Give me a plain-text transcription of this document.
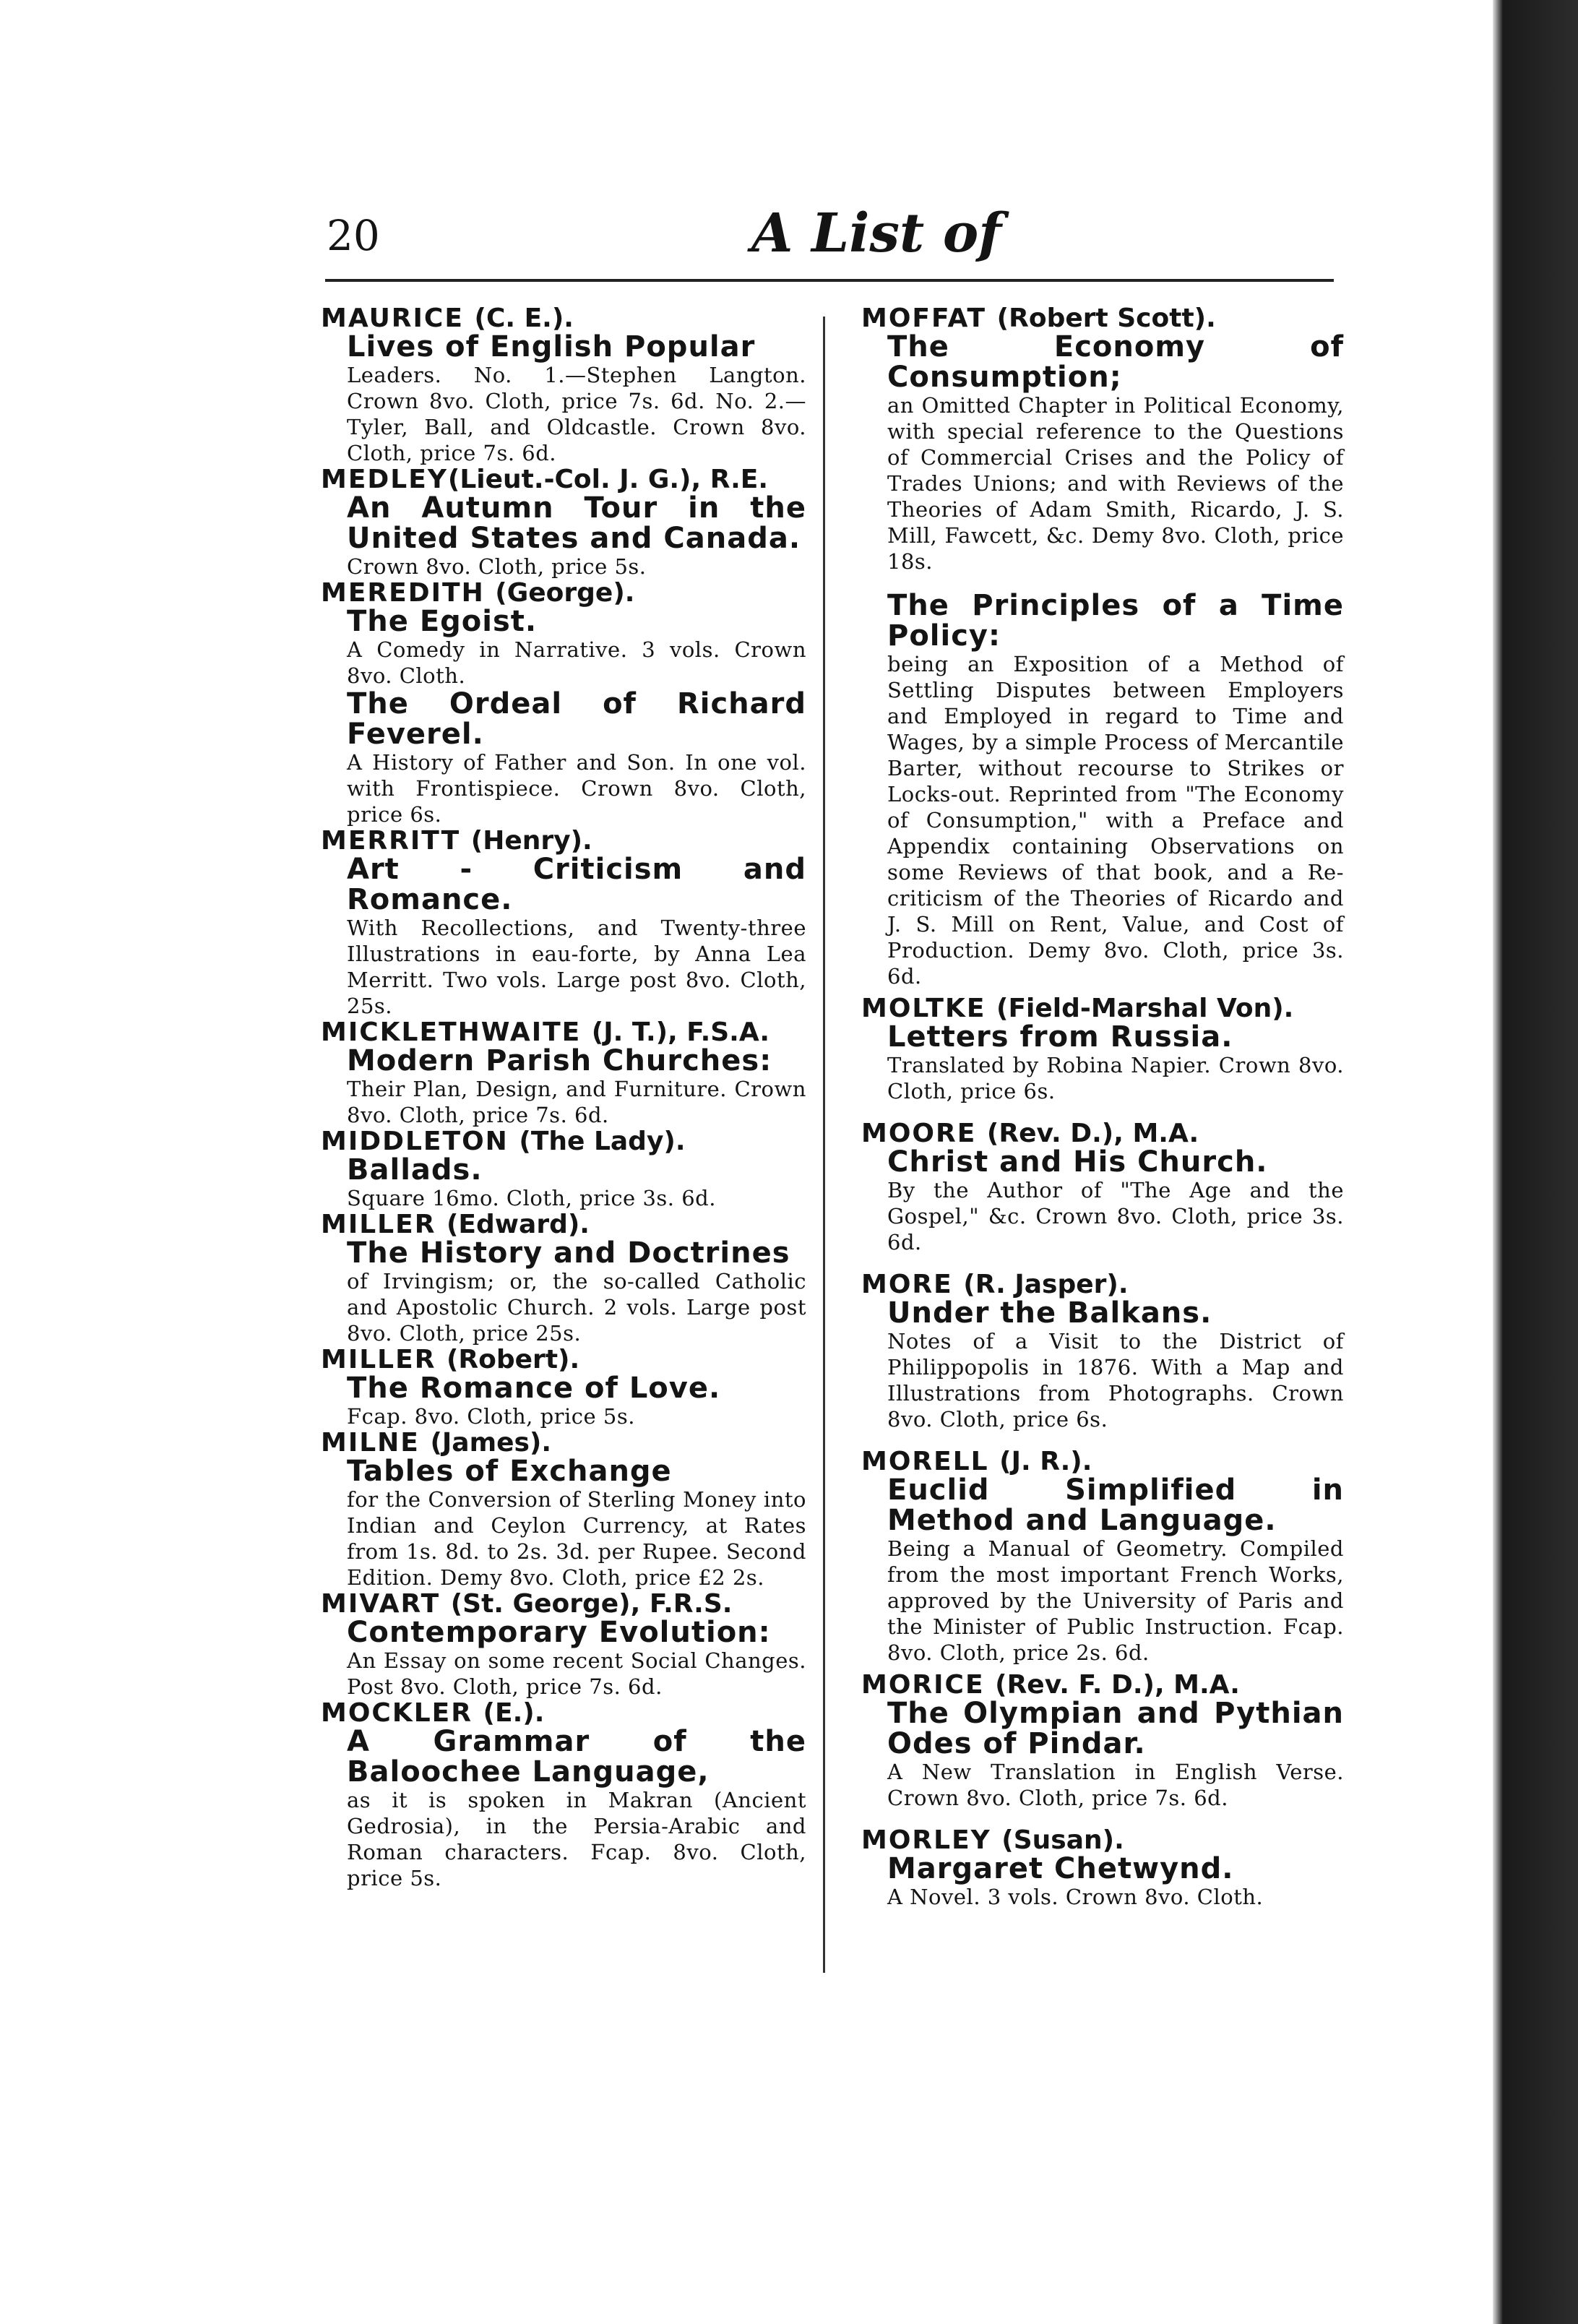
20	A List of
MAURICE (C. E.).
Lives of English Popular
Leaders. No. 1.—Stephen Langton. Crown 8vo. Cloth, price 7s. 6d. No. 2.—Tyler, Ball, and Oldcastle. Crown 8vo. Cloth, price 7s. 6d.
MEDLEY(Lieut.-Col. J. G.), R.E.
An Autumn Tour in the United States and Canada.
Crown 8vo. Cloth, price 5s.
MEREDITH (George).
The Egoist.
A Comedy in Narrative. 3 vols. Crown 8vo. Cloth.
The Ordeal of Richard Feverel.
A History of Father and Son. In one vol. with Frontispiece. Crown 8vo. Cloth, price 6s.
MERRITT (Henry).
Art - Criticism and Romance.
With Recollections, and Twenty-three Illustrations in eau-forte, by Anna Lea Merritt. Two vols. Large post 8vo. Cloth, 25s.
MICKLETHWAITE (J. T.), F.S.A.
Modern Parish Churches:
Their Plan, Design, and Furniture. Crown 8vo. Cloth, price 7s. 6d.
MIDDLETON (The Lady).
Ballads.
Square 16mo. Cloth, price 3s. 6d.
MILLER (Edward).
The History and Doctrines
of Irvingism; or, the so-called Catholic and Apostolic Church. 2 vols. Large post 8vo. Cloth, price 25s.
MILLER (Robert).
The Romance of Love.
Fcap. 8vo. Cloth, price 5s.
MILNE (James).
Tables of Exchange
for the Conversion of Sterling Money into Indian and Ceylon Currency, at Rates from 1s. 8d. to 2s. 3d. per Rupee. Second Edition. Demy 8vo. Cloth, price £2 2s.
MIVART (St. George), F.R.S.
Contemporary Evolution:
An Essay on some recent Social Changes. Post 8vo. Cloth, price 7s. 6d.
MOCKLER (E.).
A Grammar of the Baloochee Language,
as it is spoken in Makran (Ancient Gedrosia), in the Persia-Arabic and Roman characters. Fcap. 8vo. Cloth, price 5s.
MOFFAT (Robert Scott).
The Economy of Consumption;
an Omitted Chapter in Political Economy, with special reference to the Questions of Commercial Crises and the Policy of Trades Unions; and with Reviews of the Theories of Adam Smith, Ricardo, J. S. Mill, Fawcett, &c. Demy 8vo. Cloth, price 18s.
The Principles of a Time Policy:
being an Exposition of a Method of Settling Disputes between Employers and Employed in regard to Time and Wages, by a simple Process of Mercantile Barter, without recourse to Strikes or Locks-out. Reprinted from "The Economy of Consumption," with a Preface and Appendix containing Observations on some Reviews of that book, and a Re-criticism of the Theories of Ricardo and J. S. Mill on Rent, Value, and Cost of Production. Demy 8vo. Cloth, price 3s. 6d.
MOLTKE (Field-Marshal Von).
Letters from Russia.
Translated by Robina Napier. Crown 8vo. Cloth, price 6s.
MOORE (Rev. D.), M.A.
Christ and His Church.
By the Author of "The Age and the Gospel," &c. Crown 8vo. Cloth, price 3s. 6d.
MORE (R. Jasper).
Under the Balkans.
Notes of a Visit to the District of Philippopolis in 1876. With a Map and Illustrations from Photographs. Crown 8vo. Cloth, price 6s.
MORELL (J. R.).
Euclid Simplified in Method and Language.
Being a Manual of Geometry. Compiled from the most important French Works, approved by the University of Paris and the Minister of Public Instruction. Fcap. 8vo. Cloth, price 2s. 6d.
MORICE (Rev. F. D.), M.A.
The Olympian and Pythian Odes of Pindar.
A New Translation in English Verse. Crown 8vo. Cloth, price 7s. 6d.
MORLEY (Susan).
Margaret Chetwynd.
A Novel. 3 vols. Crown 8vo. Cloth.
